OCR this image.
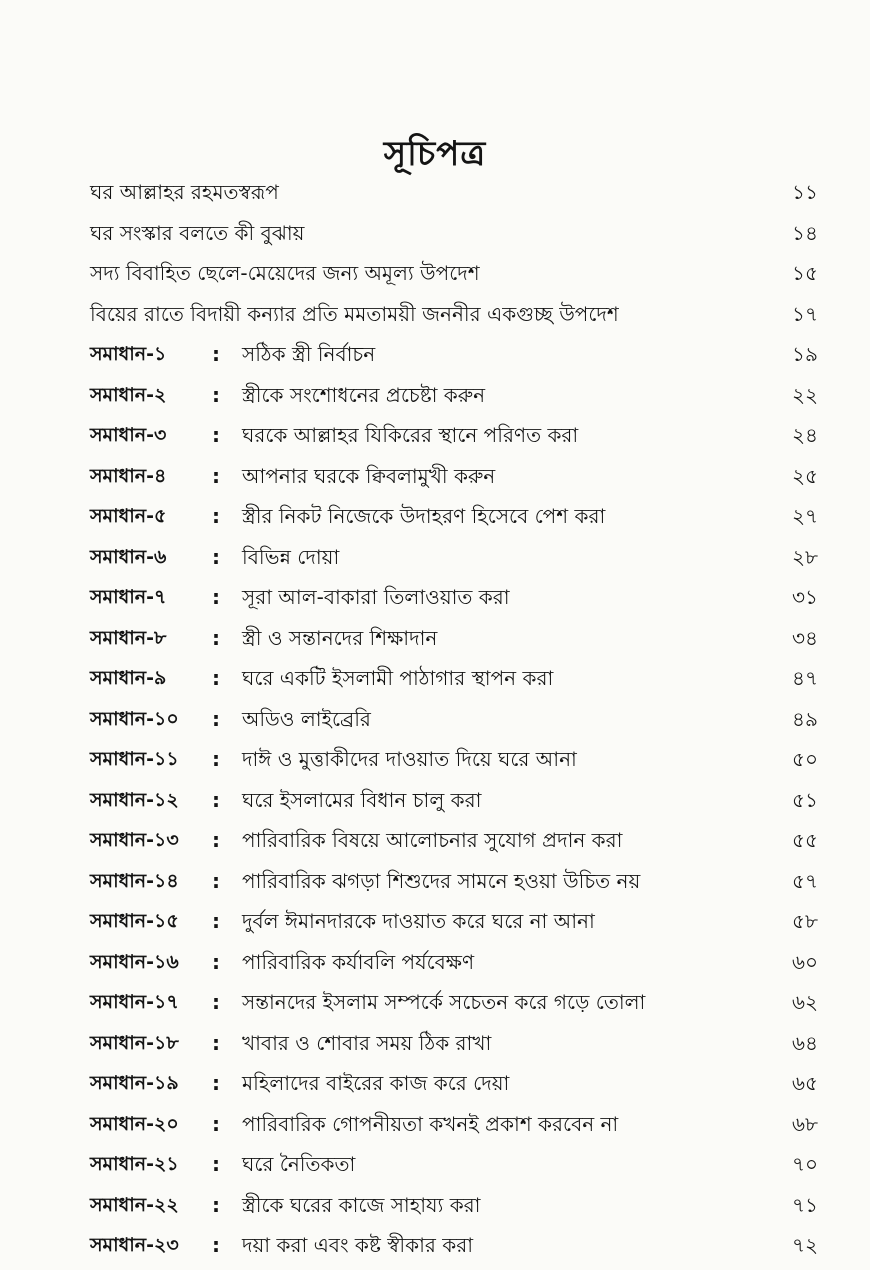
সূচিপত্র
ঘর আল্লাহর রহমতস্বরূপ	১১
ঘর সংস্কার বলতে কী বুঝায়	১৪
সদ্য বিবাহিত ছেলে-মেয়েদের জন্য অমূল্য উপদেশ	১৫
বিয়ের রাতে বিদায়ী কন্যার প্রতি মমতাময়ী জননীর একগুচ্ছ উপদেশ	১৭
সমাধান-১ : সঠিক স্ত্রী নির্বাচন	১৯
সমাধান-২ : স্ত্রীকে সংশোধনের প্রচেষ্টা করুন	২২
সমাধান-৩ : ঘরকে আল্লাহর যিকিরের স্থানে পরিণত করা	২৪
সমাধান-৪ : আপনার ঘরকে ক্বিবলামুখী করুন	২৫
সমাধান-৫ : স্ত্রীর নিকট নিজেকে উদাহরণ হিসেবে পেশ করা	২৭
সমাধান-৬ : বিভিন্ন দোয়া	২৮
সমাধান-৭ : সূরা আল-বাকারা তিলাওয়াত করা	৩১
সমাধান-৮ : স্ত্রী ও সন্তানদের শিক্ষাদান	৩৪
সমাধান-৯ : ঘরে একটি ইসলামী পাঠাগার স্থাপন করা	৪৭
সমাধান-১০ : অডিও লাইব্রেরি	৪৯
সমাধান-১১ : দাঈ ও মুত্তাকীদের দাওয়াত দিয়ে ঘরে আনা	৫০
সমাধান-১২ : ঘরে ইসলামের বিধান চালু করা	৫১
সমাধান-১৩ : পারিবারিক বিষয়ে আলোচনার সুযোগ প্রদান করা	৫৫
সমাধান-১৪ : পারিবারিক ঝগড়া শিশুদের সামনে হওয়া উচিত নয়	৫৭
সমাধান-১৫ : দুর্বল ঈমানদারকে দাওয়াত করে ঘরে না আনা	৫৮
সমাধান-১৬ : পারিবারিক কর্যাবলি পর্যবেক্ষণ	৬০
সমাধান-১৭ : সন্তানদের ইসলাম সম্পর্কে সচেতন করে গড়ে তোলা	৬২
সমাধান-১৮ : খাবার ও শোবার সময় ঠিক রাখা	৬৪
সমাধান-১৯ : মহিলাদের বাইরের কাজ করে দেয়া	৬৫
সমাধান-২০ : পারিবারিক গোপনীয়তা কখনই প্রকাশ করবেন না	৬৮
সমাধান-২১ : ঘরে নৈতিকতা	৭০
সমাধান-২২ : স্ত্রীকে ঘরের কাজে সাহায্য করা	৭১
সমাধান-২৩ : দয়া করা এবং কষ্ট স্বীকার করা	৭২
